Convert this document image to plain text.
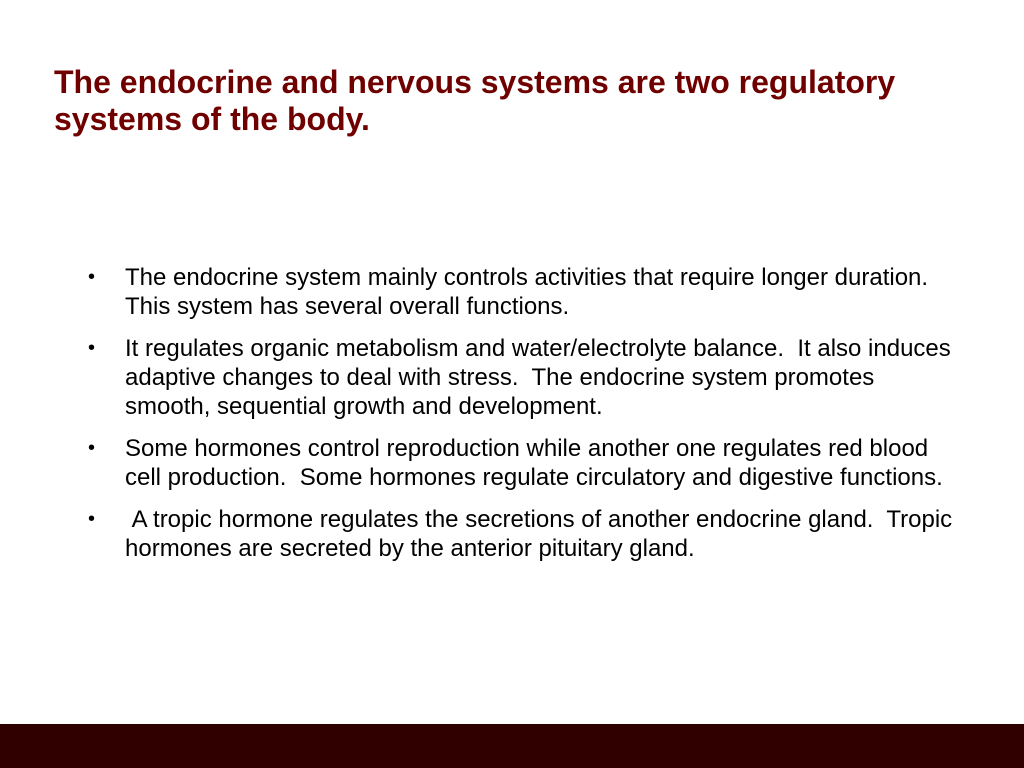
The endocrine and nervous systems are two regulatory systems of the body.
• The endocrine system mainly controls activities that require longer duration.  This system has several overall functions.
• It regulates organic metabolism and water/electrolyte balance.  It also induces adaptive changes to deal with stress.  The endocrine system promotes smooth, sequential growth and development.
• Some hormones control reproduction while another one regulates red blood cell production.  Some hormones regulate circulatory and digestive functions.
• A tropic hormone regulates the secretions of another endocrine gland.  Tropic hormones are secreted by the anterior pituitary gland.
